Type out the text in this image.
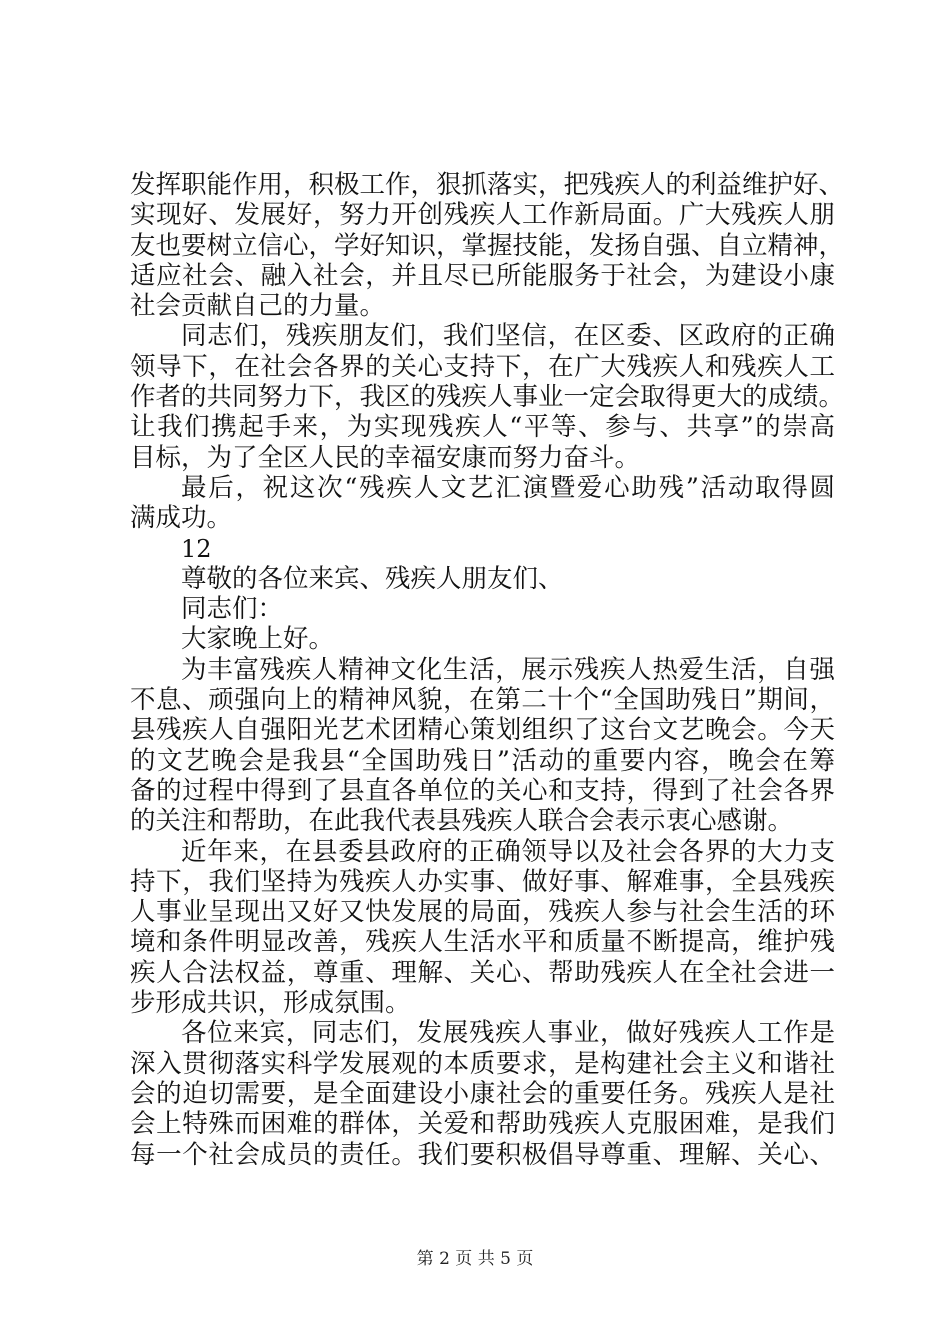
发挥职能作用，积极工作，狠抓落实，把残疾人的利益维护好、
实现好、发展好，努力开创残疾人工作新局面。广大残疾人朋
友也要树立信心，学好知识，掌握技能，发扬自强、自立精神，
适应社会、融入社会，并且尽已所能服务于社会，为建设小康
社会贡献自己的力量。
同志们，残疾朋友们，我们坚信，在区委、区政府的正确
领导下，在社会各界的关心支持下，在广大残疾人和残疾人工
作者的共同努力下，我区的残疾人事业一定会取得更大的成绩。
让我们携起手来，为实现残疾人“平等、参与、共享”的崇高
目标，为了全区人民的幸福安康而努力奋斗。
最后，祝这次“残疾人文艺汇演暨爱心助残”活动取得圆
满成功。
12
尊敬的各位来宾、残疾人朋友们、
同志们：
大家晚上好。
为丰富残疾人精神文化生活，展示残疾人热爱生活，自强
不息、顽强向上的精神风貌，在第二十个“全国助残日”期间，
县残疾人自强阳光艺术团精心策划组织了这台文艺晚会。今天
的文艺晚会是我县“全国助残日”活动的重要内容，晚会在筹
备的过程中得到了县直各单位的关心和支持，得到了社会各界
的关注和帮助，在此我代表县残疾人联合会表示衷心感谢。
近年来，在县委县政府的正确领导以及社会各界的大力支
持下，我们坚持为残疾人办实事、做好事、解难事，全县残疾
人事业呈现出又好又快发展的局面，残疾人参与社会生活的环
境和条件明显改善，残疾人生活水平和质量不断提高，维护残
疾人合法权益，尊重、理解、关心、帮助残疾人在全社会进一
步形成共识，形成氛围。
各位来宾，同志们，发展残疾人事业，做好残疾人工作是
深入贯彻落实科学发展观的本质要求，是构建社会主义和谐社
会的迫切需要，是全面建设小康社会的重要任务。残疾人是社
会上特殊而困难的群体，关爱和帮助残疾人克服困难，是我们
每一个社会成员的责任。我们要积极倡导尊重、理解、关心、
第 2 页 共 5 页
